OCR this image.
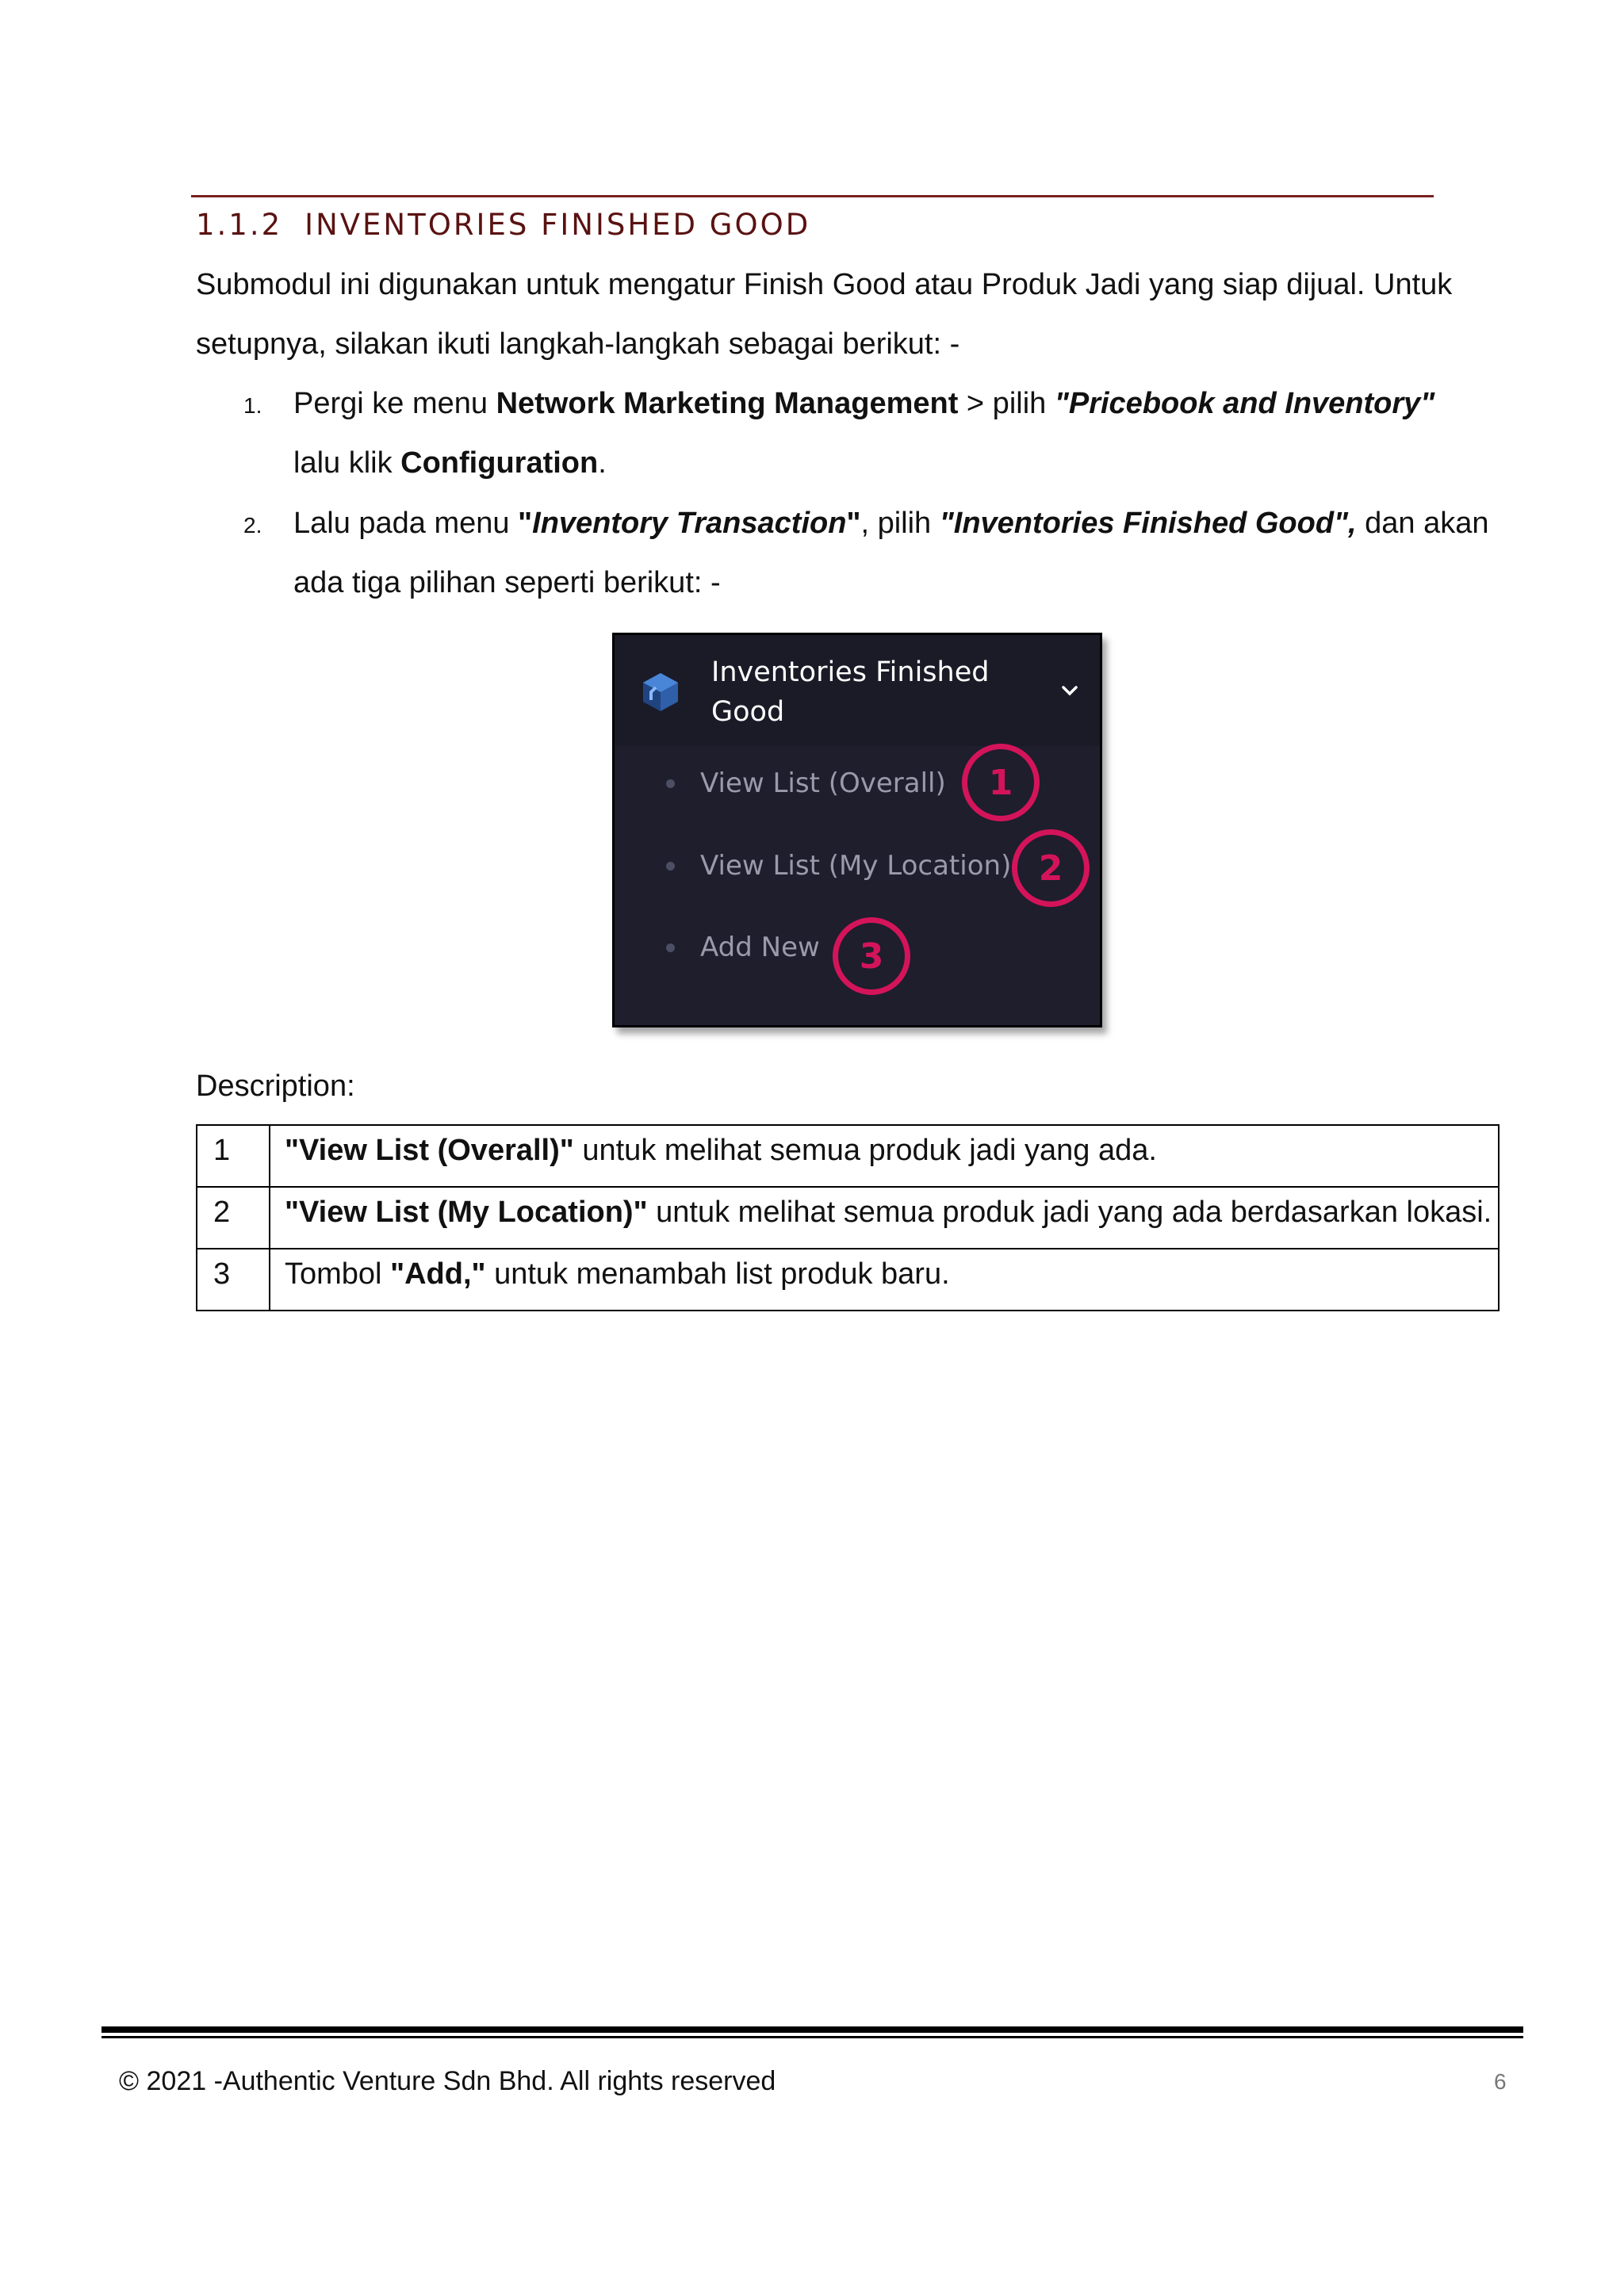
1.1.2 INVENTORIES FINISHED GOOD
Submodul ini digunakan untuk mengatur Finish Good atau Produk Jadi yang siap dijual. Untuk
setupnya, silakan ikuti langkah-langkah sebagai berikut: -
1. Pergi ke menu Network Marketing Management > pilih "Pricebook and Inventory"
lalu klik Configuration.
2. Lalu pada menu "Inventory Transaction", pilih "Inventories Finished Good", dan akan
ada tiga pilihan seperti berikut: -
Inventories Finished
Good
View List (Overall)
View List (My Location)
Add New
1
2
3
Description:
1	"View List (Overall)" untuk melihat semua produk jadi yang ada.
2	"View List (My Location)" untuk melihat semua produk jadi yang ada berdasarkan lokasi.
3	Tombol "Add," untuk menambah list produk baru.
© 2021 -Authentic Venture Sdn Bhd. All rights reserved	6
